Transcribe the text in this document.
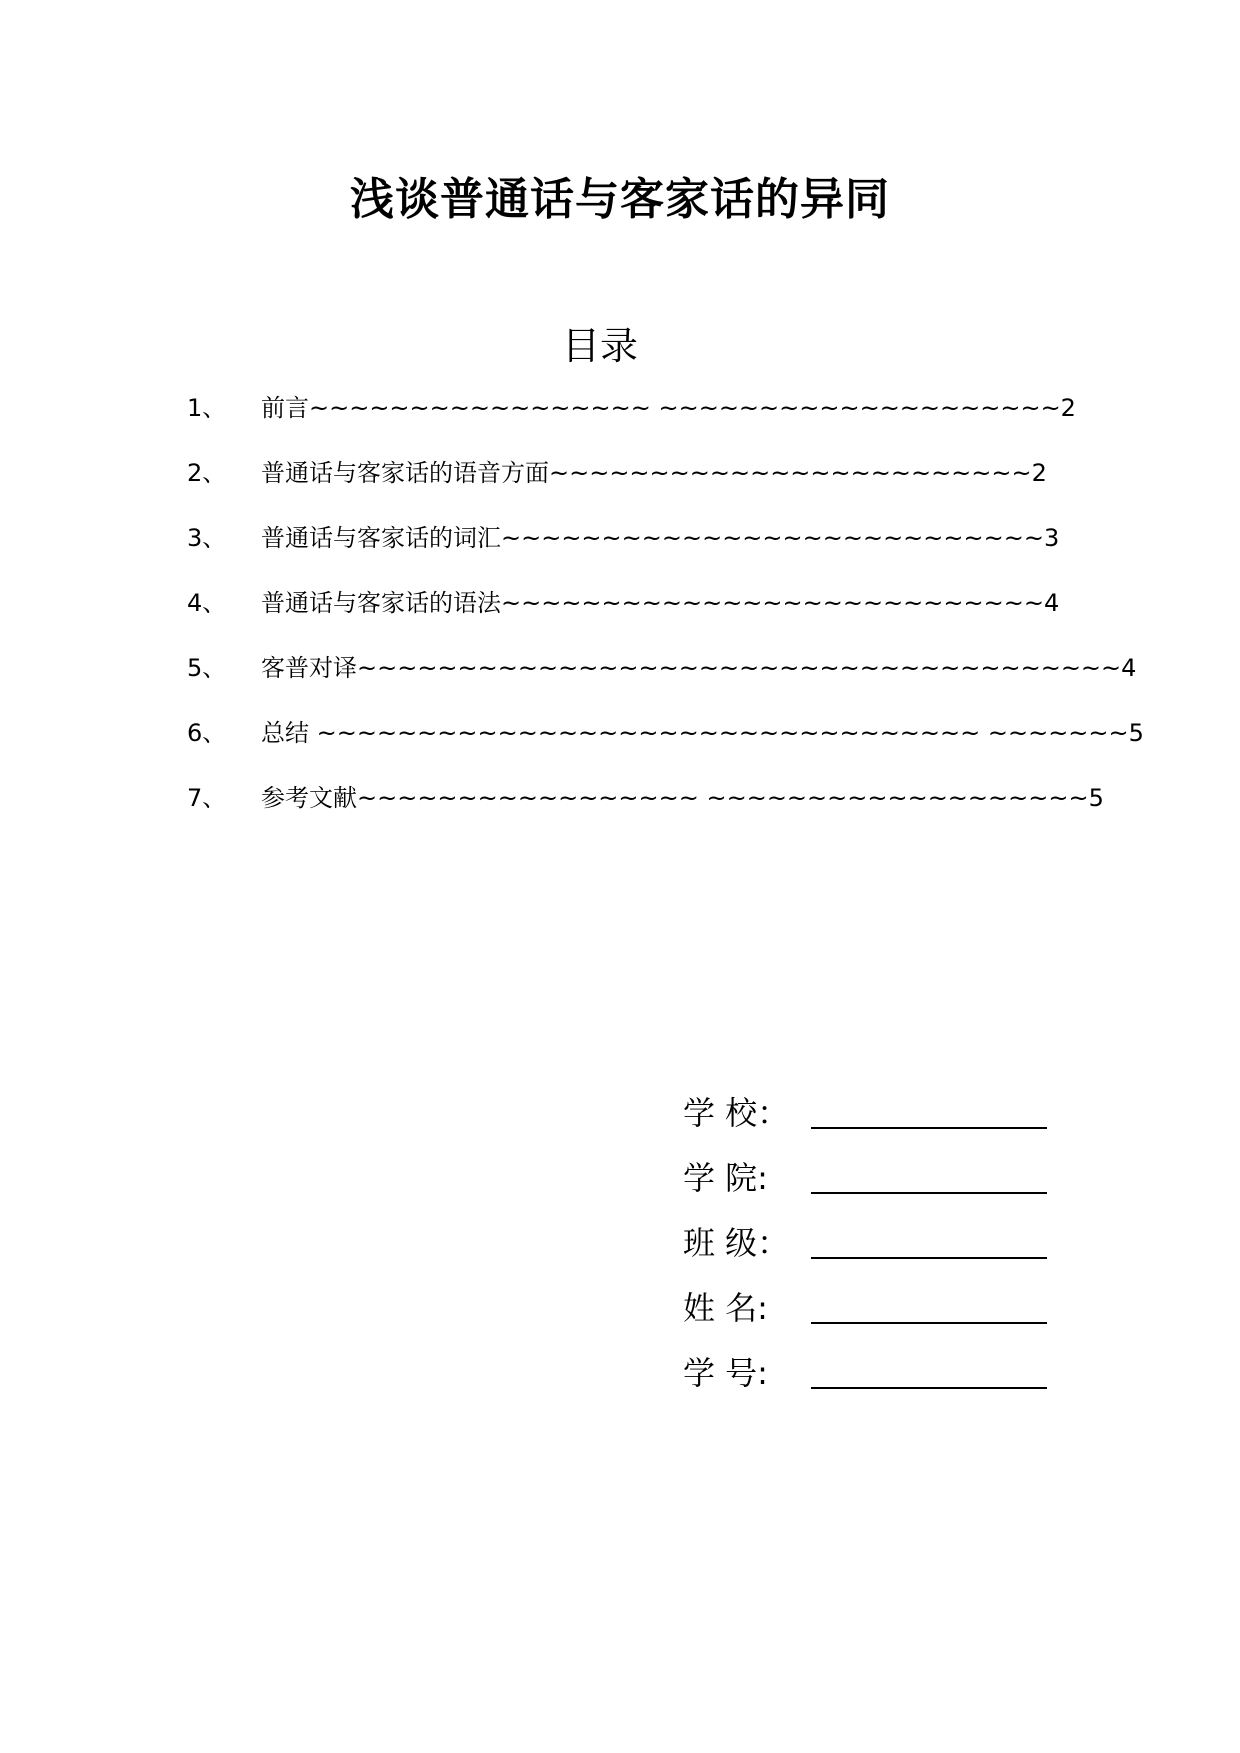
浅谈普通话与客家话的异同
目录
1、	前言~~~~~~~~~~~~~~~~~ ~~~~~~~~~~~~~~~~~~~~2
2、	普通话与客家话的语音方面~~~~~~~~~~~~~~~~~~~~~~~~2
3、	普通话与客家话的词汇~~~~~~~~~~~~~~~~~~~~~~~~~~~3
4、	普通话与客家话的语法~~~~~~~~~~~~~~~~~~~~~~~~~~~4
5、	客普对译~~~~~~~~~~~~~~~~~~~~~~~~~~~~~~~~~~~~~~4
6、	总结 ~~~~~~~~~~~~~~~~~~~~~~~~~~~~~~~~~ ~~~~~~~5
7、	参考文献~~~~~~~~~~~~~~~~~ ~~~~~~~~~~~~~~~~~~~5
学 校：
学 院:
班 级：
姓 名:
学 号:
